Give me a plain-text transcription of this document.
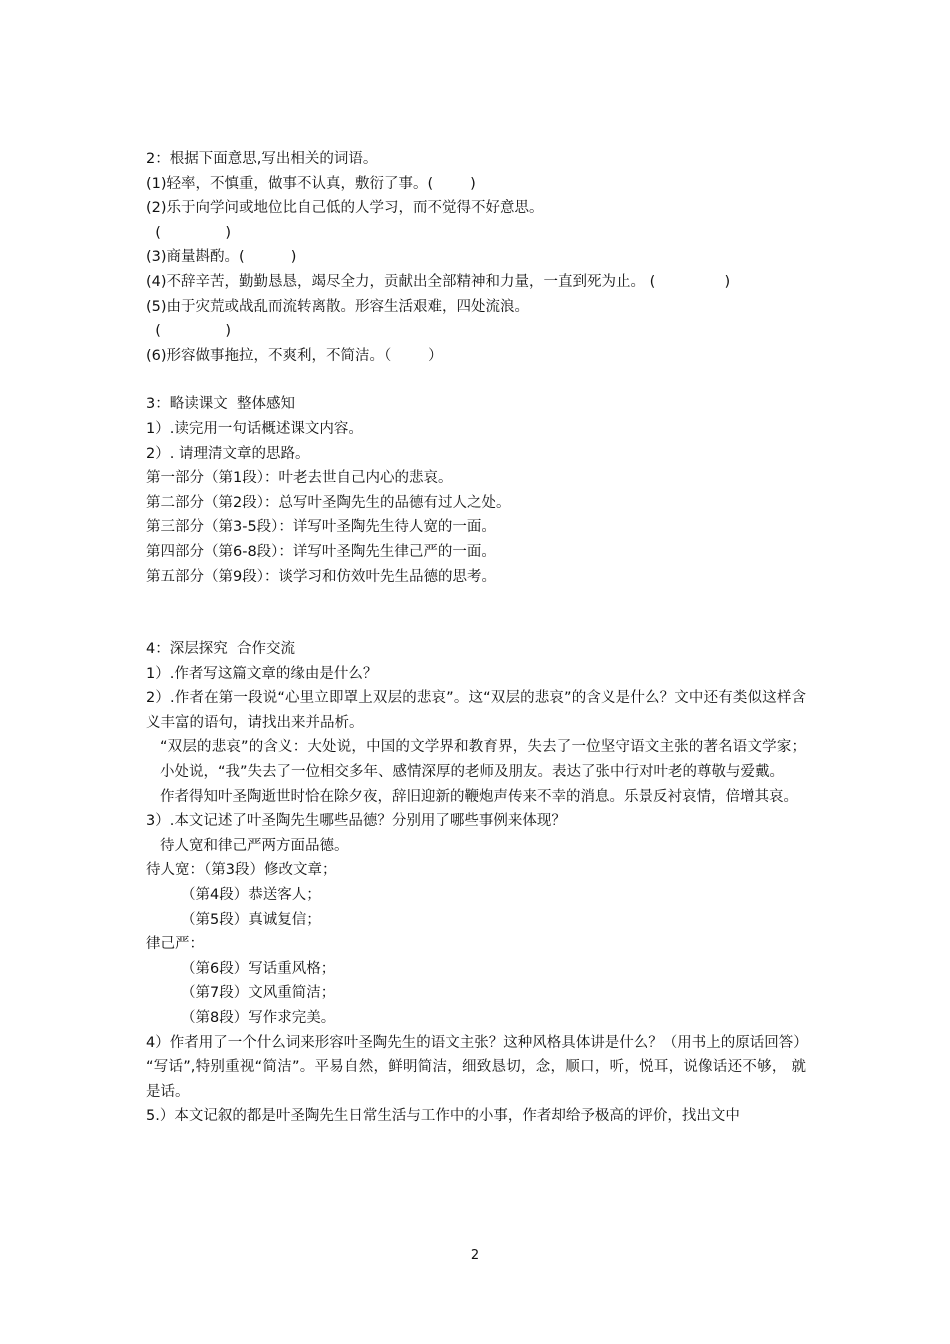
2：根据下面意思,写出相关的词语。
(1)轻率，不慎重，做事不认真，敷衍了事。(        )
(2)乐于向学问或地位比自己低的人学习，而不觉得不好意思。
(              )
(3)商量斟酌。(          )
(4)不辞辛苦，勤勤恳恳，竭尽全力，贡献出全部精神和力量，一直到死为止。 (               )
(5)由于灾荒或战乱而流转离散。形容生活艰难，四处流浪。
(              )
(6)形容做事拖拉，不爽利，不简洁。（        ）
3：略读课文  整体感知
1）.读完用一句话概述课文内容。
2）. 请理清文章的思路。
第一部分（第1段）：叶老去世自己内心的悲哀。
第二部分（第2段）：总写叶圣陶先生的品德有过人之处。
第三部分（第3-5段）：详写叶圣陶先生待人宽的一面。
第四部分（第6-8段）：详写叶圣陶先生律己严的一面。
第五部分（第9段）：谈学习和仿效叶先生品德的思考。
4：深层探究  合作交流
1）.作者写这篇文章的缘由是什么？
2）.作者在第一段说“心里立即罩上双层的悲哀”。这“双层的悲哀”的含义是什么？文中还有类似这样含义丰富的语句，请找出来并品析。
“双层的悲哀”的含义：大处说，中国的文学界和教育界，失去了一位坚守语文主张的著名语文学家；小处说，“我”失去了一位相交多年、感情深厚的老师及朋友。表达了张中行对叶老的尊敬与爱戴。
作者得知叶圣陶逝世时恰在除夕夜，辞旧迎新的鞭炮声传来不幸的消息。乐景反衬哀情，倍增其哀。
3）.本文记述了叶圣陶先生哪些品德？分别用了哪些事例来体现？
待人宽和律己严两方面品德。
待人宽：（第3段）修改文章；
（第4段）恭送客人；
（第5段）真诚复信；
律己严：
（第6段）写话重风格；
（第7段）文风重简洁；
（第8段）写作求完美。
4）作者用了一个什么词来形容叶圣陶先生的语文主张？这种风格具体讲是什么？（用书上的原话回答）
“写话”,特别重视“简洁”。平易自然，鲜明简洁，细致恳切，念，顺口，听，悦耳，说像话还不够， 就是话。
5.）本文记叙的都是叶圣陶先生日常生活与工作中的小事，作者却给予极高的评价，找出文中
2
